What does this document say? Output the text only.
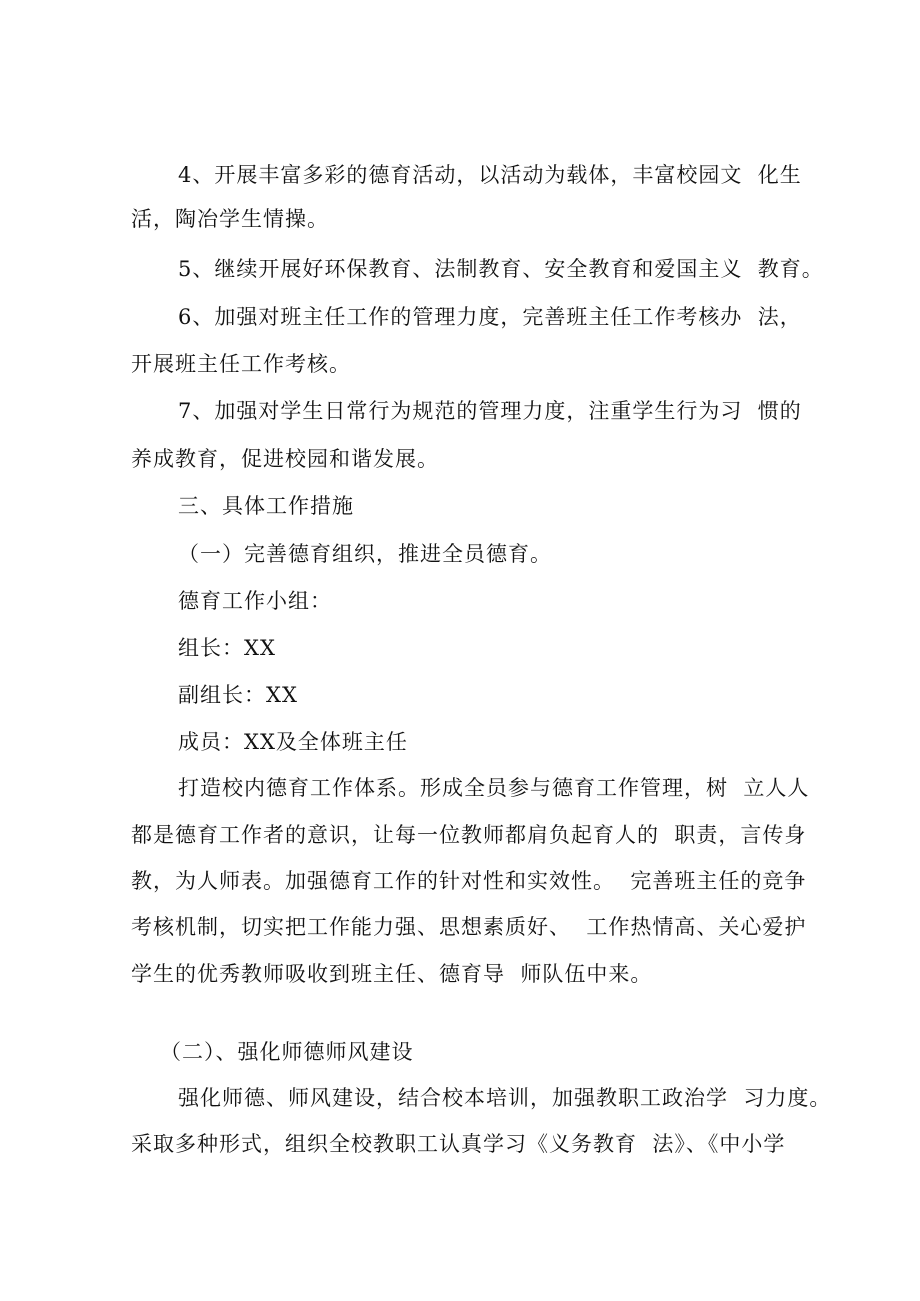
4、开展丰富多彩的德育活动，以活动为载体，丰富校园文  化生
活，陶冶学生情操。
5、继续开展好环保教育、法制教育、安全教育和爱国主义  教育。
6、加强对班主任工作的管理力度，完善班主任工作考核办  法，
开展班主任工作考核。
7、加强对学生日常行为规范的管理力度，注重学生行为习  惯的
养成教育，促进校园和谐发展。
三、具体工作措施
（一）完善德育组织，推进全员德育。
德育工作小组：
组长：XX
副组长：XX
成员：XX及全体班主任
打造校内德育工作体系。形成全员参与德育工作管理，树  立人人
都是德育工作者的意识，让每一位教师都肩负起育人的  职责，言传身
教，为人师表。加强德育工作的针对性和实效性。  完善班主任的竞争
考核机制，切实把工作能力强、思想素质好、  工作热情高、关心爱护
学生的优秀教师吸收到班主任、德育导  师队伍中来。
（二）、强化师德师风建设
强化师德、师风建设，结合校本培训，加强教职工政治学  习力度。
采取多种形式，组织全校教职工认真学习《义务教育  法》、《中小学
